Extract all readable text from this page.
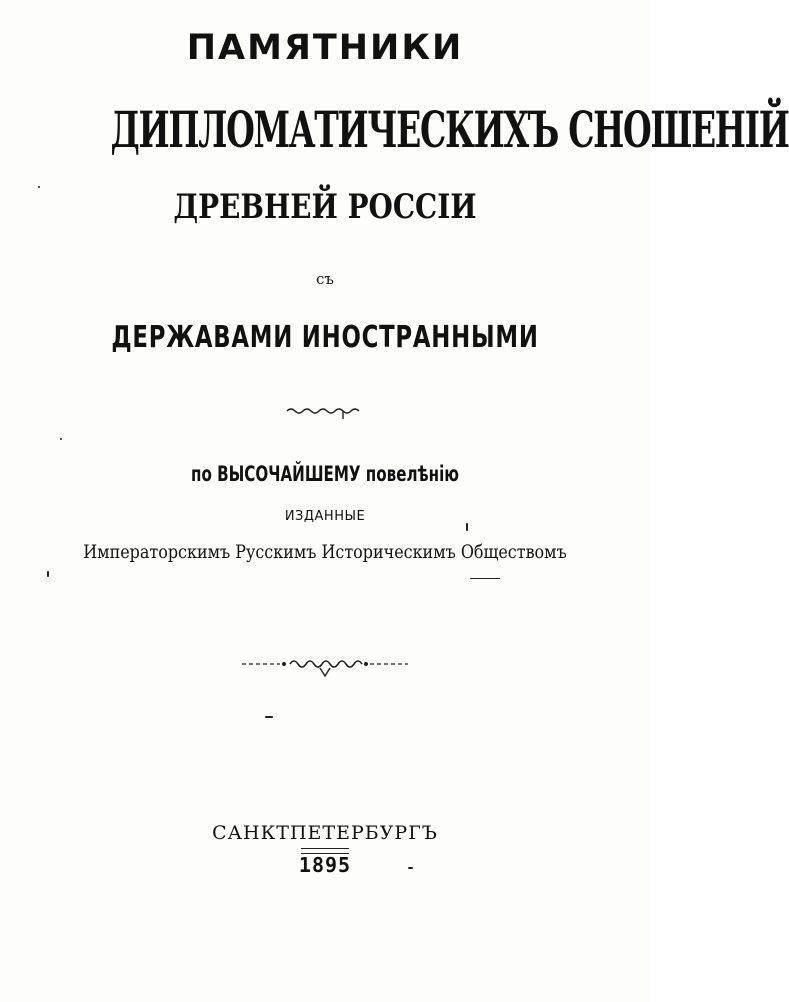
ПАМЯТНИКИ
ДИПЛОМАТИЧЕСКИХЪ СНОШЕНІЙ
ДРЕВНЕЙ РОССІИ
съ
ДЕРЖАВАМИ ИНОСТРАННЫМИ
по ВЫСОЧАЙШЕМУ повелѣнію
ИЗДАННЫЕ
Императорскимъ Русскимъ Историческимъ Обществомъ
САНКТПЕТЕРБУРГЪ
1895
